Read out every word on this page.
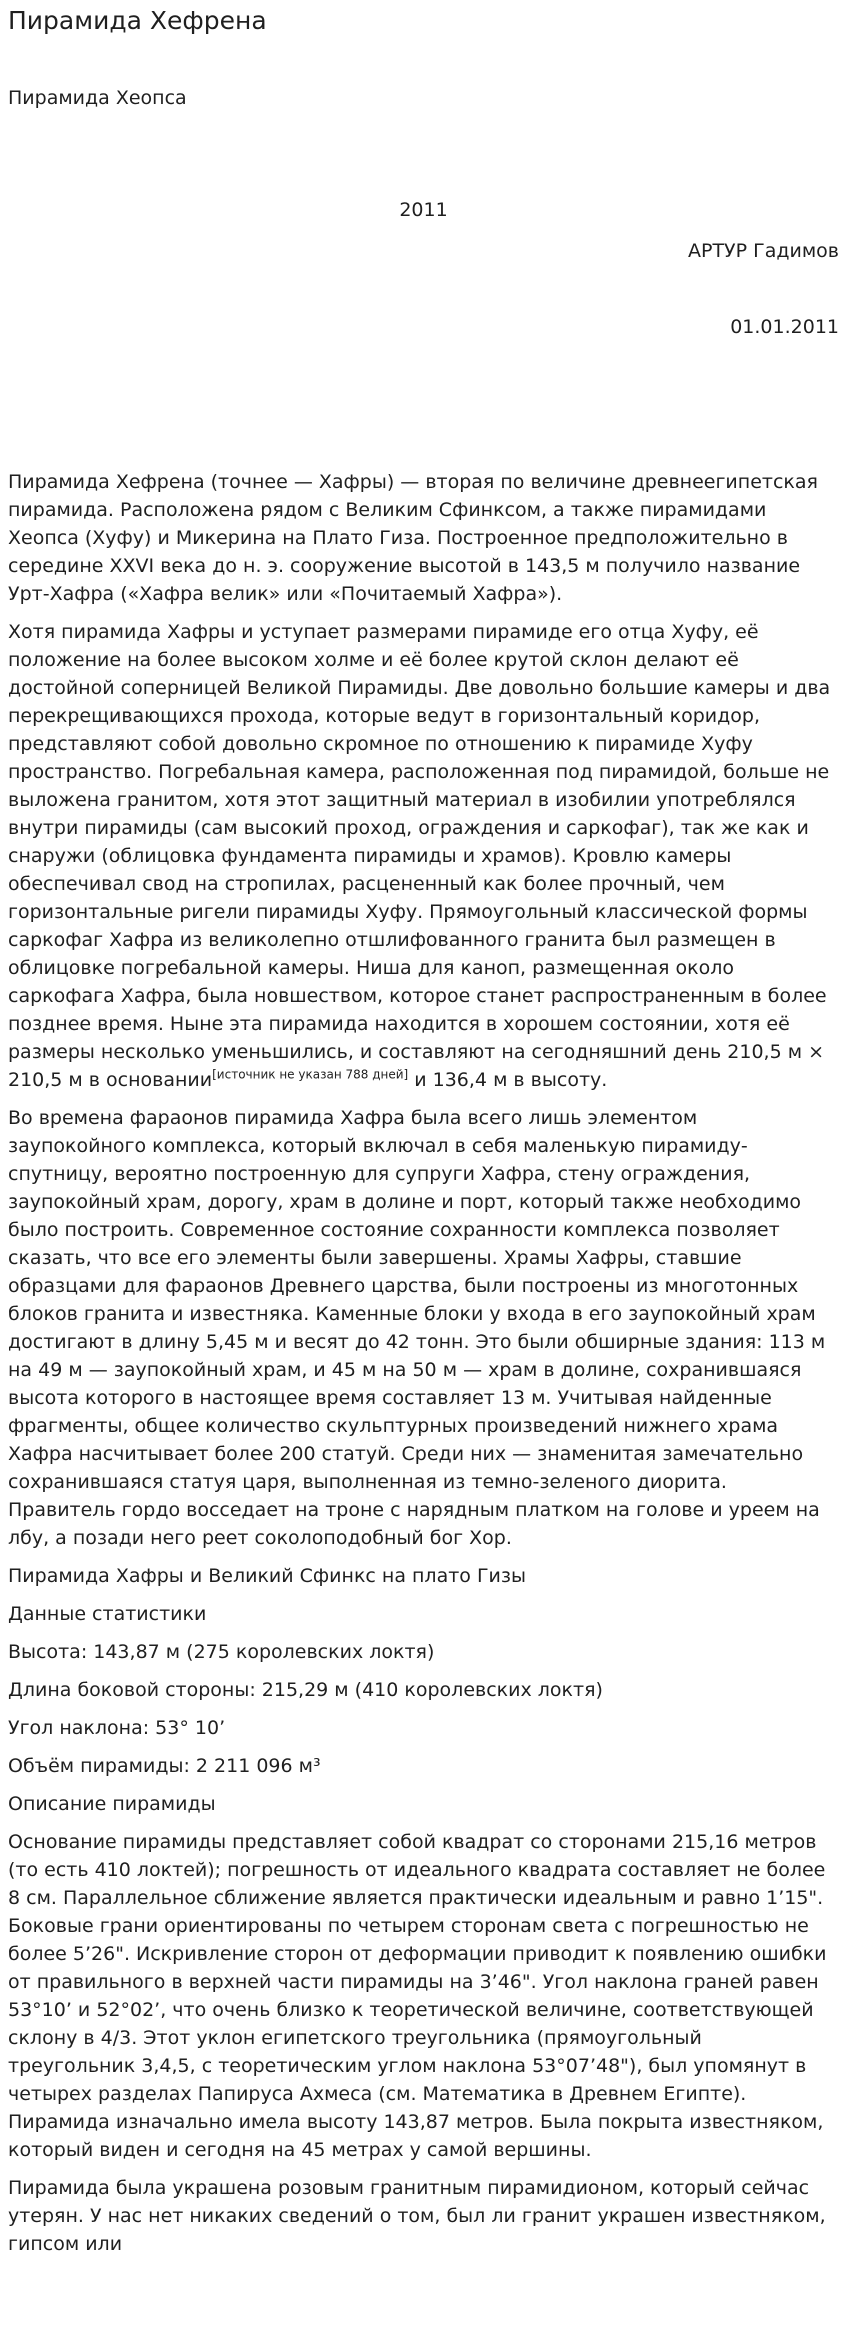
Пирамида Хефрена
Пирамида Хеопса
2011
АРТУР Гадимов
01.01.2011

Пирамида Хефрена (точнее — Хафры) — вторая по величине древнеегипетская пирамида. Расположена рядом с Великим Сфинксом, а также пирамидами Хеопса (Хуфу) и Микерина на Плато Гиза. Построенное предположительно в середине XXVI века до н. э. сооружение высотой в 143,5 м получило название Урт-Хафра («Хафра велик» или «Почитаемый Хафра»).

Хотя пирамида Хафры и уступает размерами пирамиде его отца Хуфу, её положение на более высоком холме и её более крутой склон делают её достойной соперницей Великой Пирамиды. Две довольно большие камеры и два перекрещивающихся прохода, которые ведут в горизонтальный коридор, представляют собой довольно скромное по отношению к пирамиде Хуфу пространство. Погребальная камера, расположенная под пирамидой, больше не выложена гранитом, хотя этот защитный материал в изобилии употреблялся внутри пирамиды (сам высокий проход, ограждения и саркофаг), так же как и снаружи (облицовка фундамента пирамиды и храмов). Кровлю камеры обеспечивал свод на стропилах, расцененный как более прочный, чем горизонтальные ригели пирамиды Хуфу. Прямоугольный классической формы саркофаг Хафра из великолепно отшлифованного гранита был размещен в облицовке погребальной камеры. Ниша для каноп, размещенная около саркофага Хафра, была новшеством, которое станет распространенным в более позднее время. Ныне эта пирамида находится в хорошем состоянии, хотя её размеры несколько уменьшились, и составляют на сегодняшний день 210,5 м × 210,5 м в основании[источник не указан 788 дней] и 136,4 м в высоту.

Во времена фараонов пирамида Хафра была всего лишь элементом заупокойного комплекса, который включал в себя маленькую пирамиду-спутницу, вероятно построенную для супруги Хафра, стену ограждения, заупокойный храм, дорогу, храм в долине и порт, который также необходимо было построить. Современное состояние сохранности комплекса позволяет сказать, что все его элементы были завершены. Храмы Хафры, ставшие образцами для фараонов Древнего царства, были построены из многотонных блоков гранита и известняка. Каменные блоки у входа в его заупокойный храм достигают в длину 5,45 м и весят до 42 тонн. Это были обширные здания: 113 м на 49 м — заупокойный храм, и 45 м на 50 м — храм в долине, сохранившаяся высота которого в настоящее время составляет 13 м. Учитывая найденные фрагменты, общее количество скульптурных произведений нижнего храма Хафра насчитывает более 200 статуй. Среди них — знаменитая замечательно сохранившаяся статуя царя, выполненная из темно-зеленого диорита. Правитель гордо восседает на троне с нарядным платком на голове и уреем на лбу, а позади него реет соколоподобный бог Хор.

Пирамида Хафры и Великий Сфинкс на плато Гизы

Данные статистики

Высота: 143,87 м (275 королевских локтя)

Длина боковой стороны: 215,29 м (410 королевских локтя)

Угол наклона: 53° 10’

Объём пирамиды: 2 211 096 м³

Описание пирамиды

Основание пирамиды представляет собой квадрат со сторонами 215,16 метров (то есть 410 локтей); погрешность от идеального квадрата составляет не более 8 см. Параллельное сближение является практически идеальным и равно 1’15". Боковые грани ориентированы по четырем сторонам света с погрешностью не более 5’26". Искривление сторон от деформации приводит к появлению ошибки от правильного в верхней части пирамиды на 3’46". Угол наклона граней равен 53°10’ и 52°02’, что очень близко к теоретической величине, соответствующей склону в 4/3. Этот уклон египетского треугольника (прямоугольный треугольник 3,4,5, с теоретическим углом наклона 53°07’48"), был упомянут в четырех разделах Папируса Ахмеса (см. Математика в Древнем Египте). Пирамида изначально имела высоту 143,87 метров. Была покрыта известняком, который виден и сегодня на 45 метрах у самой вершины.

Пирамида была украшена розовым гранитным пирамидионом, который сейчас утерян. У нас нет никаких сведений о том, был ли гранит украшен известняком, гипсом или
